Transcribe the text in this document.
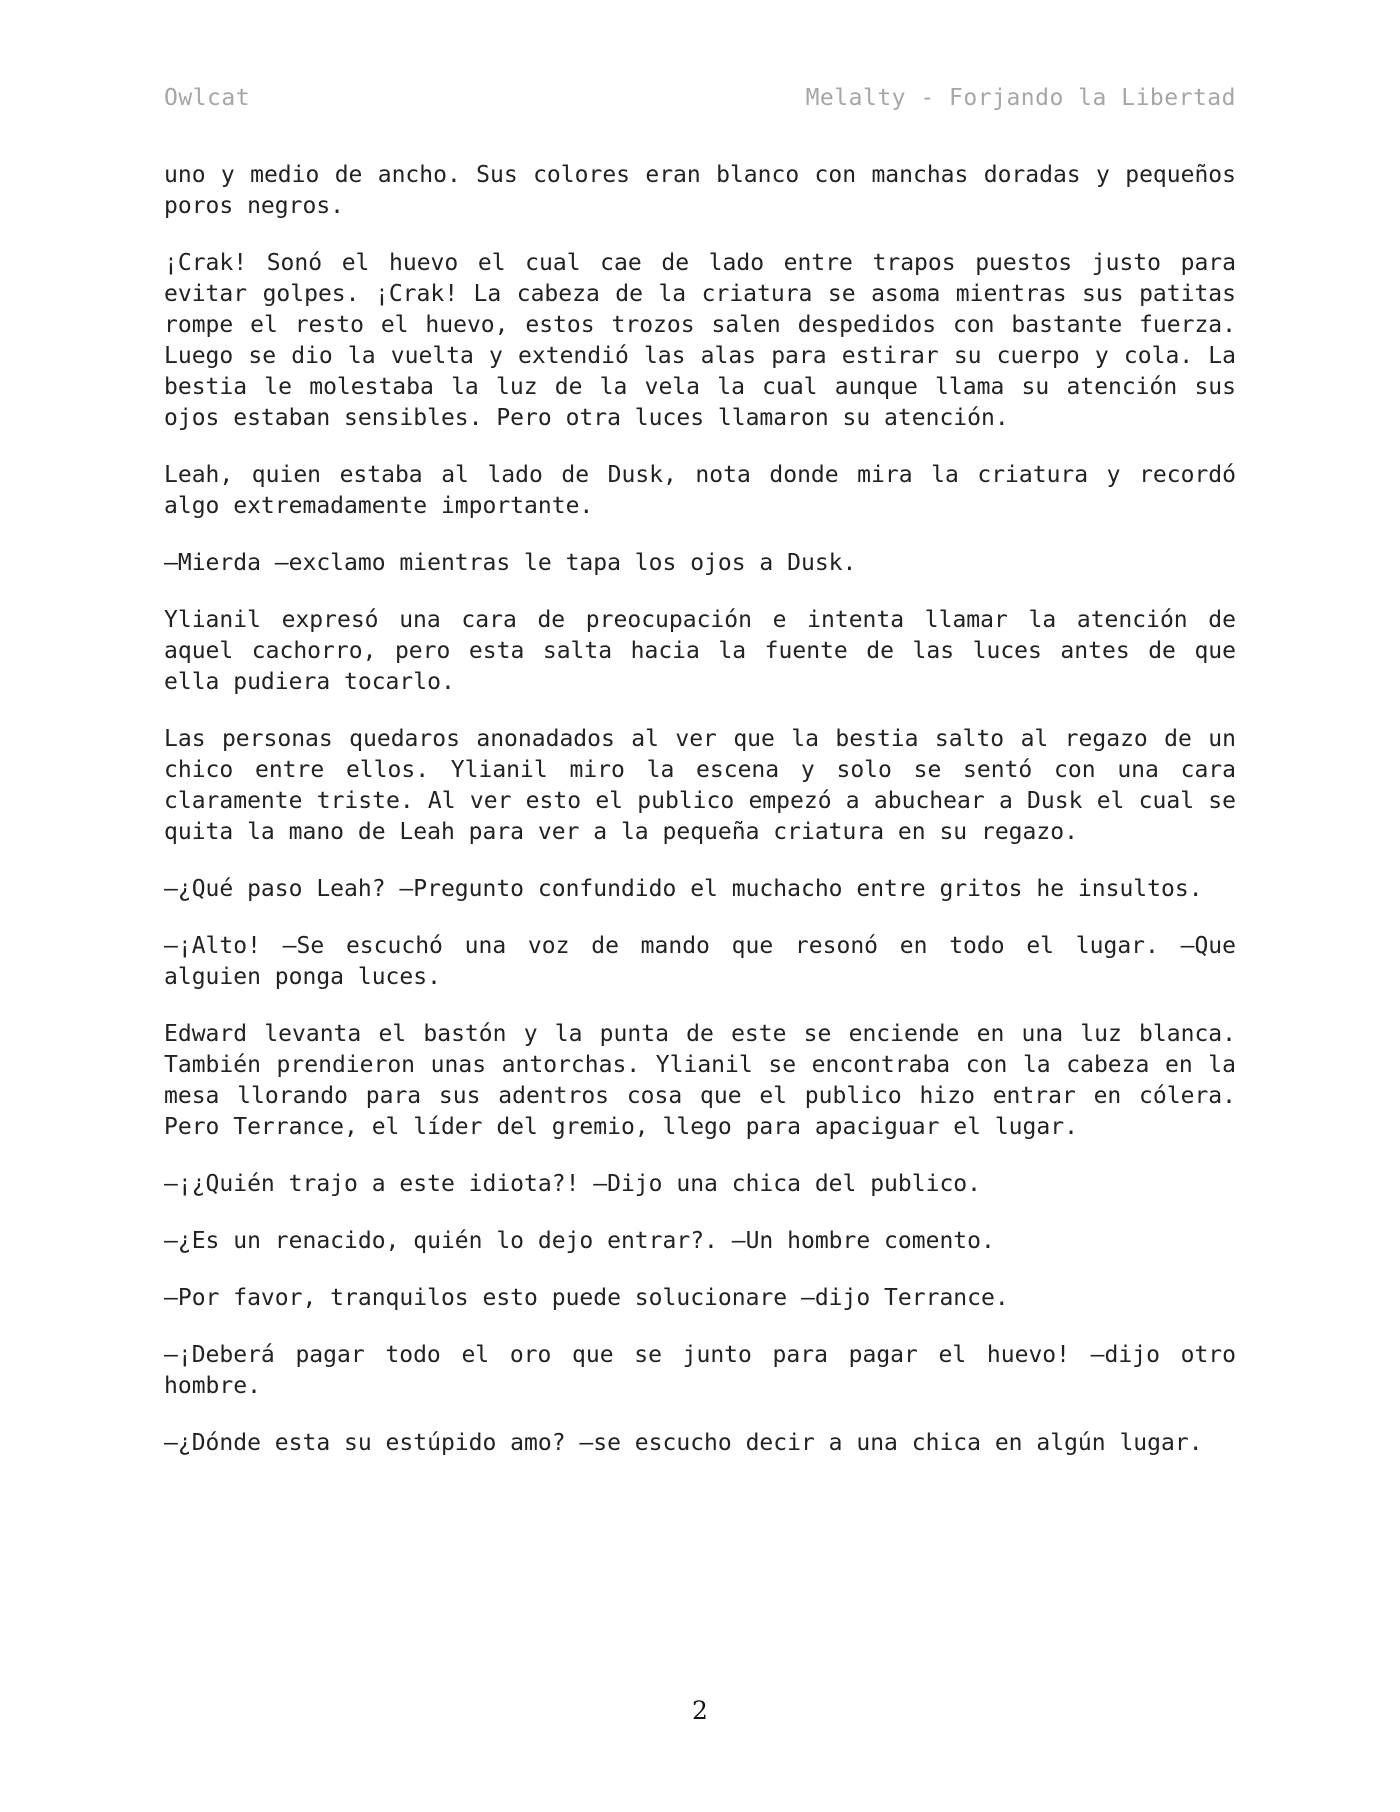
Owlcat	Melalty - Forjando la Libertad

uno y medio de ancho. Sus colores eran blanco con manchas doradas y pequeños poros negros.

¡Crak! Sonó el huevo el cual cae de lado entre trapos puestos justo para evitar golpes. ¡Crak! La cabeza de la criatura se asoma mientras sus patitas rompe el resto el huevo, estos trozos salen despedidos con bastante fuerza. Luego se dio la vuelta y extendió las alas para estirar su cuerpo y cola. La bestia le molestaba la luz de la vela la cual aunque llama su atención sus ojos estaban sensibles. Pero otra luces llamaron su atención.

Leah, quien estaba al lado de Dusk, nota donde mira la criatura y recordó algo extremadamente importante.

—Mierda —exclamo mientras le tapa los ojos a Dusk.

Ylianil expresó una cara de preocupación e intenta llamar la atención de aquel cachorro, pero esta salta hacia la fuente de las luces antes de que ella pudiera tocarlo.

Las personas quedaros anonadados al ver que la bestia salto al regazo de un chico entre ellos. Ylianil miro la escena y solo se sentó con una cara claramente triste. Al ver esto el publico empezó a abuchear a Dusk el cual se quita la mano de Leah para ver a la pequeña criatura en su regazo.

—¿Qué paso Leah? —Pregunto confundido el muchacho entre gritos he insultos.

—¡Alto! —Se escuchó una voz de mando que resonó en todo el lugar. —Que alguien ponga luces.

Edward levanta el bastón y la punta de este se enciende en una luz blanca. También prendieron unas antorchas. Ylianil se encontraba con la cabeza en la mesa llorando para sus adentros cosa que el publico hizo entrar en cólera. Pero Terrance, el líder del gremio, llego para apaciguar el lugar.

—¡¿Quién trajo a este idiota?! —Dijo una chica del publico.

—¿Es un renacido, quién lo dejo entrar?. —Un hombre comento.

—Por favor, tranquilos esto puede solucionare —dijo Terrance.

—¡Deberá pagar todo el oro que se junto para pagar el huevo! —dijo otro hombre.

—¿Dónde esta su estúpido amo? —se escucho decir a una chica en algún lugar.

2
